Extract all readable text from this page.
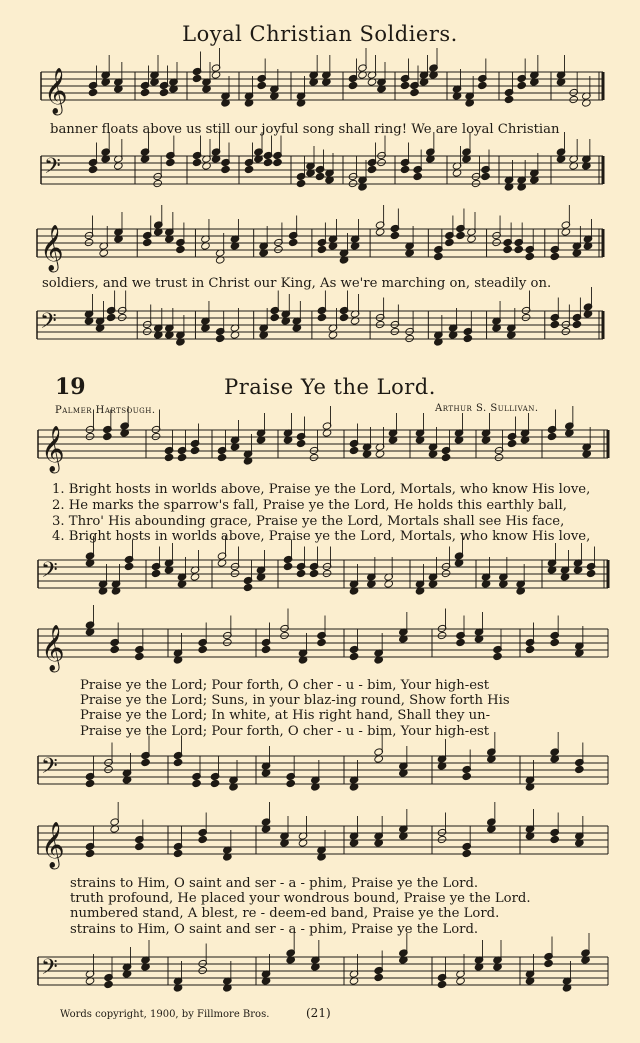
Loyal Christian Soldiers.
𝄞
banner floats above us still our joyful song shall ring! We are loyal Christian
𝄢
𝄞
soldiers, and we trust in Christ our King, As we're marching on, steadily on.
𝄢
19	Praise Ye the Lord.
Palmer Hartsough.	Arthur S. Sullivan.
𝄞
1. Bright hosts in worlds above, Praise ye the Lord, Mortals, who know His love,
2. He marks the sparrow's fall, Praise ye the Lord, He holds this earthly ball,
3. Thro' His abounding grace, Praise ye the Lord, Mortals shall see His face,
4. Bright hosts in worlds above, Praise ye the Lord, Mortals, who know His love,
𝄢
𝄞
Praise ye the Lord; Pour forth, O cher - u - bim, Your high-est
Praise ye the Lord; Suns, in your blaz-ing round, Show forth His
Praise ye the Lord; In white, at His right hand, Shall they un-
Praise ye the Lord; Pour forth, O cher - u - bim, Your high-est
𝄢
𝄞
strains to Him, O saint and ser - a - phim, Praise ye the Lord.
truth profound, He placed your wondrous bound, Praise ye the Lord.
numbered stand, A blest, re - deem-ed band, Praise ye the Lord.
strains to Him, O saint and ser - a - phim, Praise ye the Lord.
𝄢
Words copyright, 1900, by Fillmore Bros.	(21)
